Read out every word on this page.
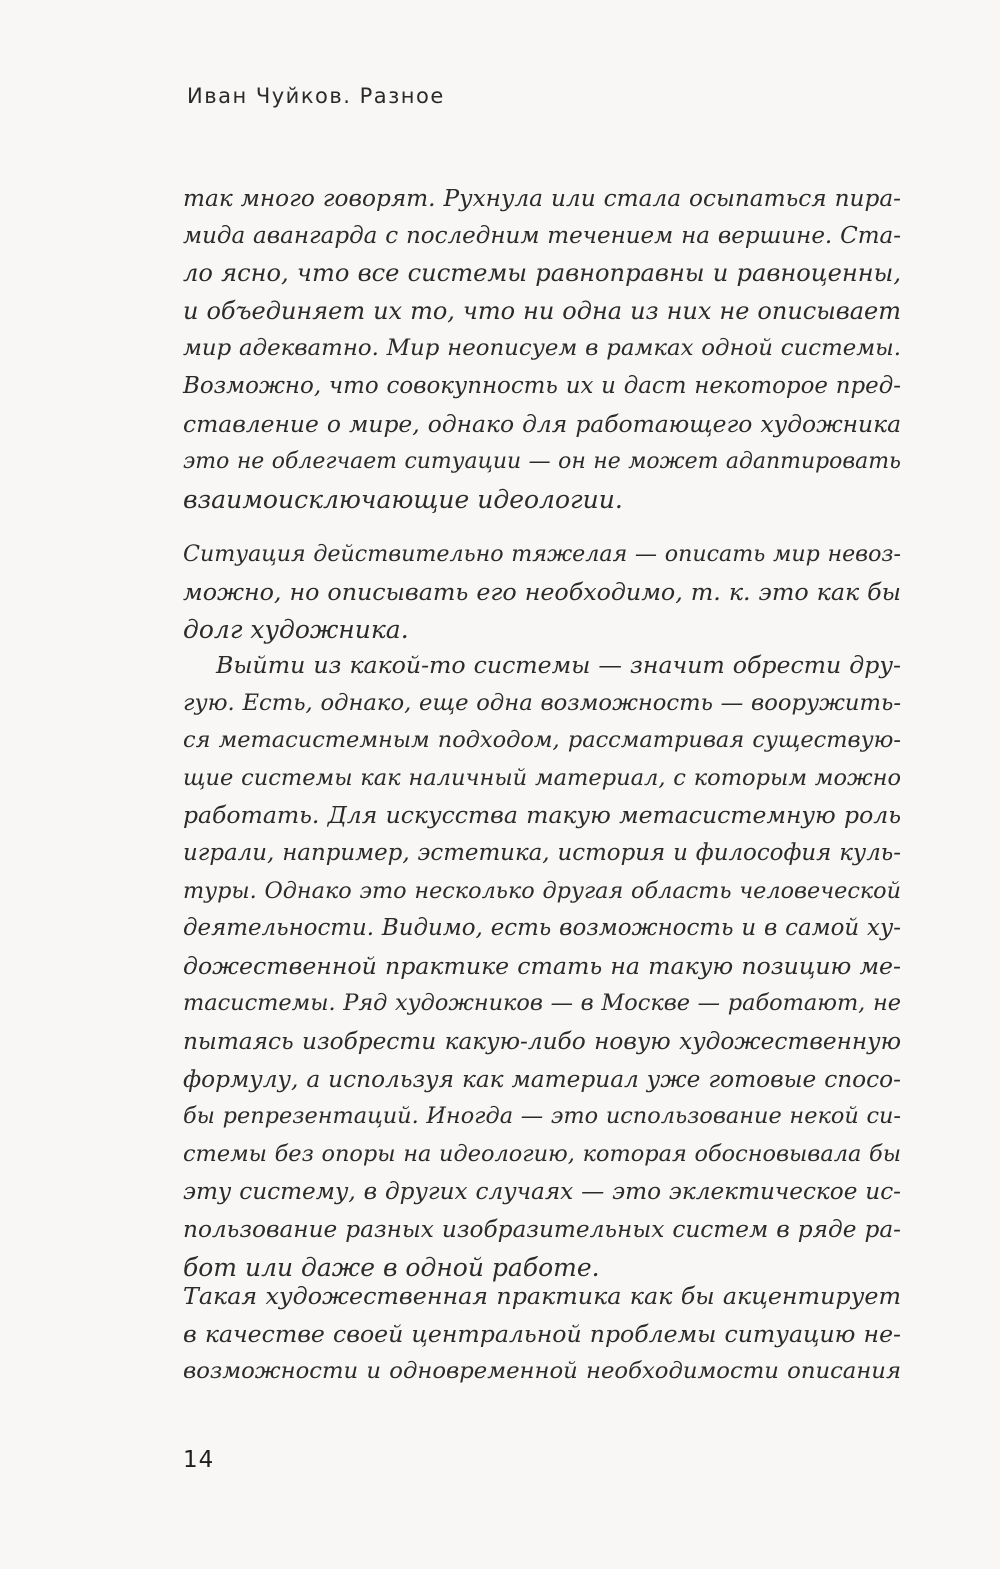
Иван Чуйков. Разное
так много говорят. Рухнула или стала осыпаться пира-
мида авангарда с последним течением на вершине. Ста-
ло ясно, что все системы равноправны и равноценны,
и объединяет их то, что ни одна из них не описывает
мир адекватно. Мир неописуем в рамках одной системы.
Возможно, что совокупность их и даст некоторое пред-
ставление о мире, однако для работающего художника
это не облегчает ситуации — он не может адаптировать
взаимоисключающие идеологии.
Ситуация действительно тяжелая — описать мир невоз-
можно, но описывать его необходимо, т. к. это как бы
долг художника.
Выйти из какой-то системы — значит обрести дру-
гую. Есть, однако, еще одна возможность — вооружить-
ся метасистемным подходом, рассматривая существую-
щие системы как наличный материал, с которым можно
работать. Для искусства такую метасистемную роль
играли, например, эстетика, история и философия куль-
туры. Однако это несколько другая область человеческой
деятельности. Видимо, есть возможность и в самой ху-
дожественной практике стать на такую позицию ме-
тасистемы. Ряд художников — в Москве — работают, не
пытаясь изобрести какую-либо новую художественную
формулу, а используя как материал уже готовые спосо-
бы репрезентаций. Иногда — это использование некой си-
стемы без опоры на идеологию, которая обосновывала бы
эту систему, в других случаях — это эклектическое ис-
пользование разных изобразительных систем в ряде ра-
бот или даже в одной работе.
Такая художественная практика как бы акцентирует
в качестве своей центральной проблемы ситуацию не-
возможности и одновременной необходимости описания
14
